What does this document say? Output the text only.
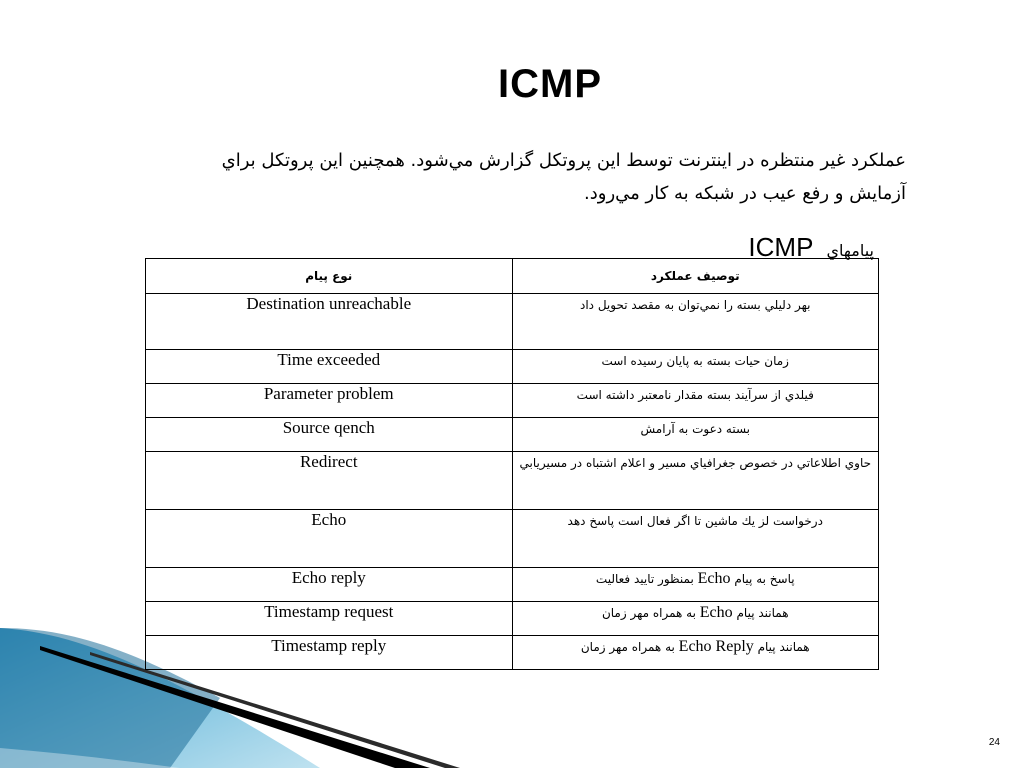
ICMP
عملكرد غير منتظره در اينترنت توسط اين پروتكل گزارش مي‌شود. همچنين اين پروتكل براي آزمايش و رفع عيب در شبكه به كار مي‌رود.
پيامهاي ICMP
نوع پيام	توصيف عملكرد
Destination unreachable	بهر دليلي بسته را نمي‌توان به مقصد تحويل داد
Time exceeded	زمان حيات بسته به پايان رسيده است
Parameter problem	فيلدي از سرآيند بسته مقدار نامعتبر داشته است
Source qench	بسته دعوت به آرامش
Redirect	حاوي اطلاعاتي در خصوص جغرافياي مسير و اعلام اشتباه در مسيريابي
Echo	درخواست لز يك ماشين تا اگر فعال است پاسخ دهد
Echo reply	پاسخ به پيام Echo بمنظور تاييد فعاليت
Timestamp request	همانند پيام Echo به همراه مهر زمان
Timestamp reply	همانند پيام Echo Reply به همراه مهر زمان
24
